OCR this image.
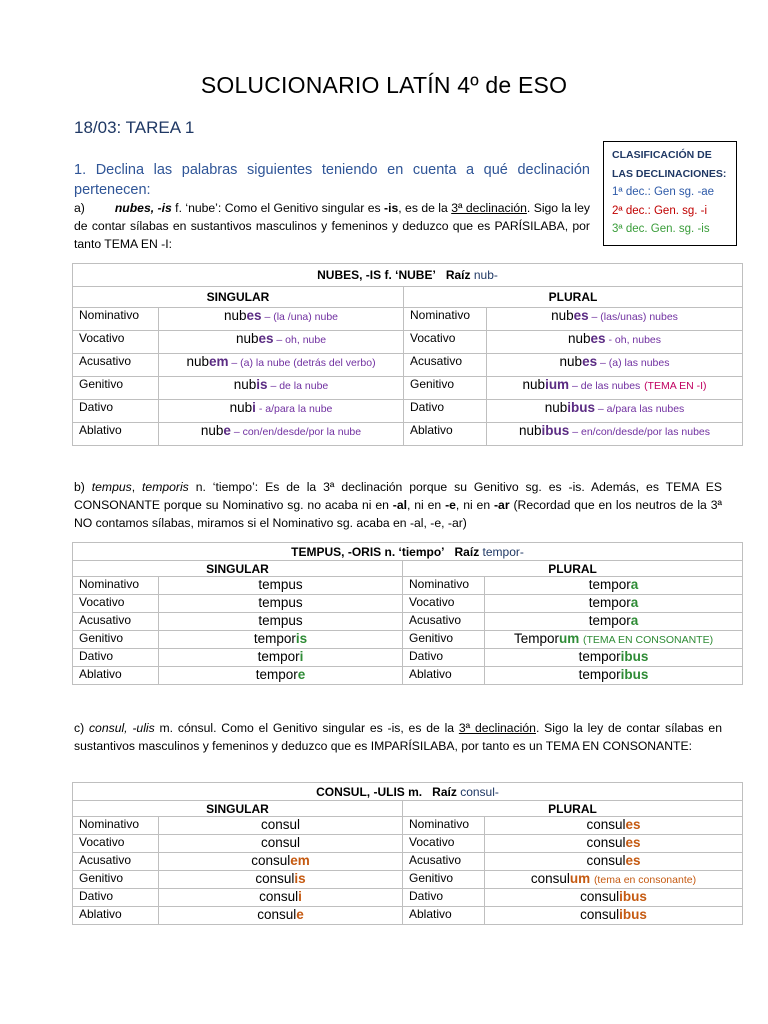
SOLUCIONARIO LATÍN 4º de ESO
18/03: TAREA 1
1. Declina las palabras siguientes teniendo en cuenta a qué declinación pertenecen:
CLASIFICACIÓN DE
LAS DECLINACIONES:
1ª dec.: Gen sg. -ae
2ª dec.: Gen. sg. -i
3ª dec. Gen. sg. -is
a) nubes, -is f. ‘nube’: Como el Genitivo singular es -is, es de la 3ª declinación. Sigo la ley de contar sílabas en sustantivos masculinos y femeninos y deduzco que es PARÍSILABA, por tanto TEMA EN -I:
NUBES, -IS f. ‘NUBE’ Raíz nub-			
SINGULAR		PLURAL	
Nominativo	nubes – (la /una) nube	Nominativo	nubes – (las/unas) nubes
Vocativo	nubes – oh, nube	Vocativo	nubes - oh, nubes
Acusativo	nubem – (a) la nube (detrás del verbo)	Acusativo	nubes – (a) las nubes
Genitivo	nubis – de la nube	Genitivo	nubium – de las nubes (TEMA EN -I)
Dativo	nubi - a/para la nube	Dativo	nubibus – a/para las nubes
Ablativo	nube – con/en/desde/por la nube	Ablativo	nubibus – en/con/desde/por las nubes
b) tempus, temporis n. ‘tiempo’: Es de la 3ª declinación porque su Genitivo sg. es -is. Además, es TEMA ES CONSONANTE porque su Nominativo sg. no acaba ni en -al, ni en -e, ni en -ar (Recordad que en los neutros de la 3ª NO contamos sílabas, miramos si el Nominativo sg. acaba en -al, -e, -ar)
TEMPUS, -ORIS n. ‘tiempo’ Raíz tempor-			
SINGULAR		PLURAL	
Nominativo	tempus	Nominativo	tempora
Vocativo	tempus	Vocativo	tempora
Acusativo	tempus	Acusativo	tempora
Genitivo	temporis	Genitivo	Temporum (TEMA EN CONSONANTE)
Dativo	tempori	Dativo	temporibus
Ablativo	tempore	Ablativo	temporibus
c) consul, -ulis m. cónsul. Como el Genitivo singular es -is, es de la 3ª declinación. Sigo la ley de contar sílabas en sustantivos masculinos y femeninos y deduzco que es IMPARÍSILABA, por tanto es un TEMA EN CONSONANTE:
CONSUL, -ULIS m. Raíz consul-			
SINGULAR		PLURAL	
Nominativo	consul	Nominativo	consules
Vocativo	consul	Vocativo	consules
Acusativo	consulem	Acusativo	consules
Genitivo	consulis	Genitivo	consulum (tema en consonante)
Dativo	consuli	Dativo	consulibus
Ablativo	consule	Ablativo	consulibus
